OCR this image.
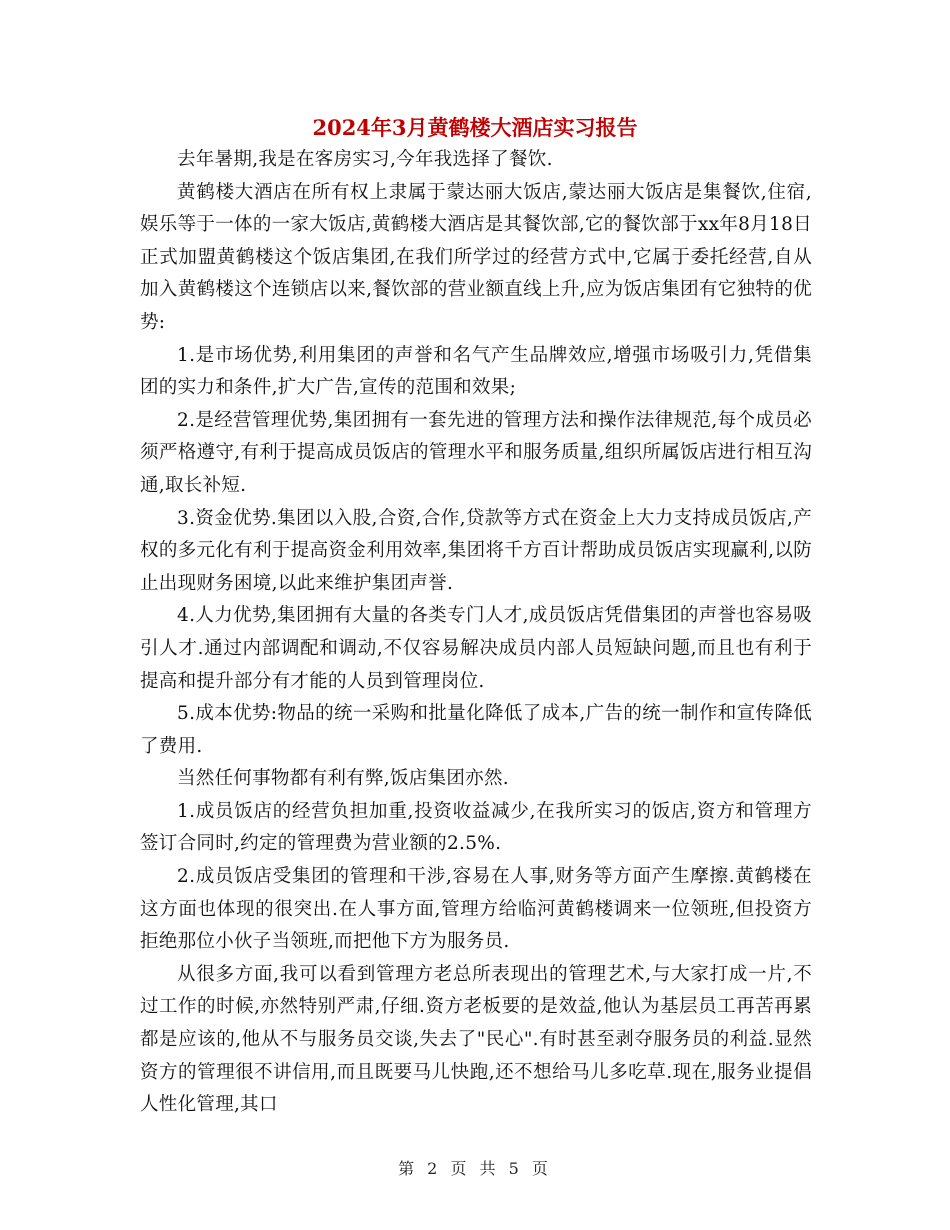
2024年3月黄鹤楼大酒店实习报告

去年暑期,我是在客房实习,今年我选择了餐饮.

黄鹤楼大酒店在所有权上隶属于蒙达丽大饭店,蒙达丽大饭店是集餐饮,住宿,娱乐等于一体的一家大饭店,黄鹤楼大酒店是其餐饮部,它的餐饮部于xx年8月18日正式加盟黄鹤楼这个饭店集团,在我们所学过的经营方式中,它属于委托经营,自从加入黄鹤楼这个连锁店以来,餐饮部的营业额直线上升,应为饭店集团有它独特的优势:

1.是市场优势,利用集团的声誉和名气产生品牌效应,增强市场吸引力,凭借集团的实力和条件,扩大广告,宣传的范围和效果;

2.是经营管理优势,集团拥有一套先进的管理方法和操作法律规范,每个成员必须严格遵守,有利于提高成员饭店的管理水平和服务质量,组织所属饭店进行相互沟通,取长补短.

3.资金优势.集团以入股,合资,合作,贷款等方式在资金上大力支持成员饭店,产权的多元化有利于提高资金利用效率,集团将千方百计帮助成员饭店实现赢利,以防止出现财务困境,以此来维护集团声誉.

4.人力优势,集团拥有大量的各类专门人才,成员饭店凭借集团的声誉也容易吸引人才.通过内部调配和调动,不仅容易解决成员内部人员短缺问题,而且也有利于提高和提升部分有才能的人员到管理岗位.

5.成本优势:物品的统一采购和批量化降低了成本,广告的统一制作和宣传降低了费用.

当然任何事物都有利有弊,饭店集团亦然.

1.成员饭店的经营负担加重,投资收益减少,在我所实习的饭店,资方和管理方签订合同时,约定的管理费为营业额的2.5%.

2.成员饭店受集团的管理和干涉,容易在人事,财务等方面产生摩擦.黄鹤楼在这方面也体现的很突出.在人事方面,管理方给临河黄鹤楼调来一位领班,但投资方拒绝那位小伙子当领班,而把他下方为服务员.

从很多方面,我可以看到管理方老总所表现出的管理艺术,与大家打成一片,不过工作的时候,亦然特别严肃,仔细.资方老板要的是效益,他认为基层员工再苦再累都是应该的,他从不与服务员交谈,失去了"民心".有时甚至剥夺服务员的利益.显然资方的管理很不讲信用,而且既要马儿快跑,还不想给马儿多吃草.现在,服务业提倡人性化管理,其口

第 2 页 共 5 页
